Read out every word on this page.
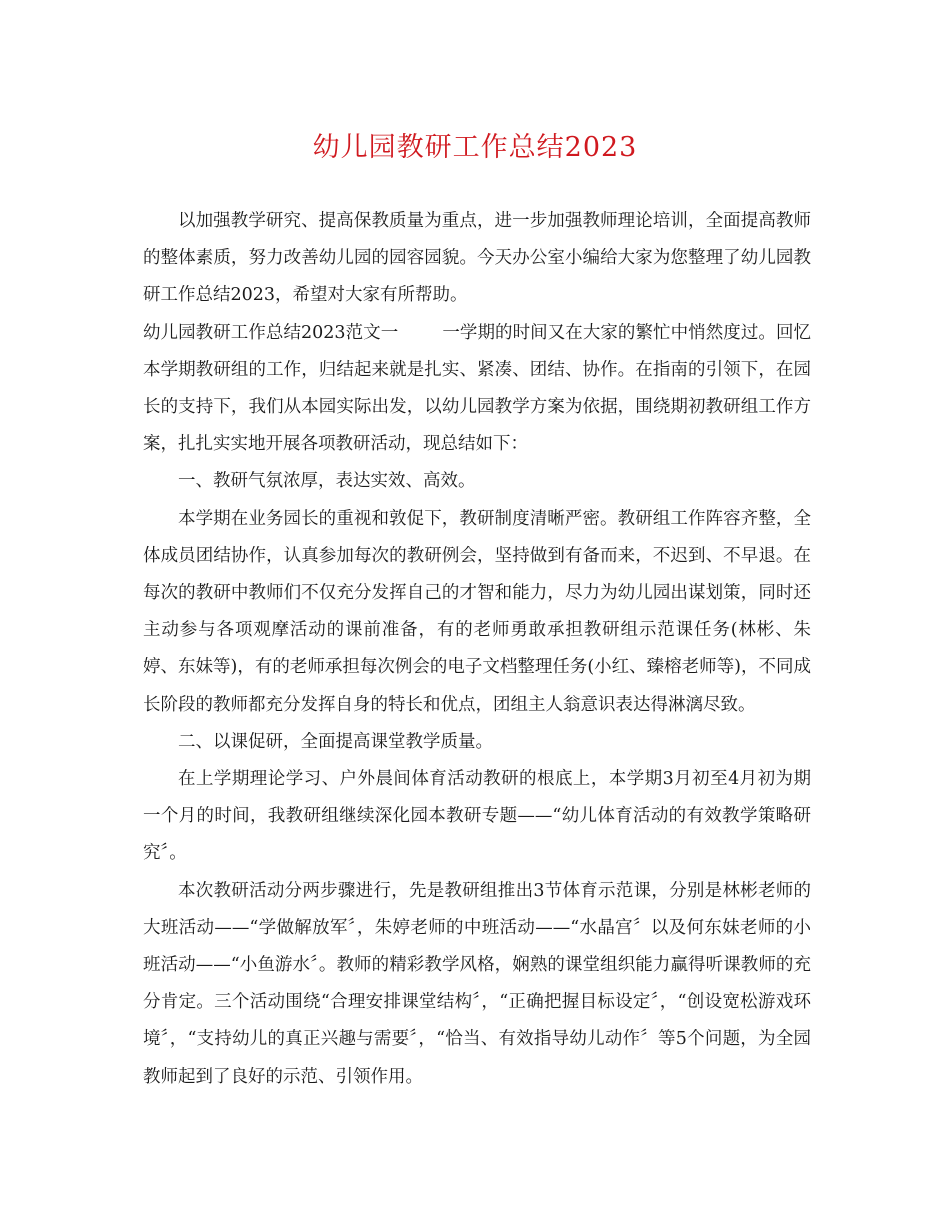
幼儿园教研工作总结2023

以加强教学研究、提高保教质量为重点，进一步加强教师理论培训，全面提高教师的整体素质，努力改善幼儿园的园容园貌。今天办公室小编给大家为您整理了幼儿园教研工作总结2023，希望对大家有所帮助。

幼儿园教研工作总结2023范文一	一学期的时间又在大家的繁忙中悄然度过。回忆本学期教研组的工作，归结起来就是扎实、紧凑、团结、协作。在指南的引领下，在园长的支持下，我们从本园实际出发，以幼儿园教学方案为依据，围绕期初教研组工作方案，扎扎实实地开展各项教研活动，现总结如下：

一、教研气氛浓厚，表达实效、高效。

本学期在业务园长的重视和敦促下，教研制度清晰严密。教研组工作阵容齐整，全体成员团结协作，认真参加每次的教研例会，坚持做到有备而来，不迟到、不早退。在每次的教研中教师们不仅充分发挥自己的才智和能力，尽力为幼儿园出谋划策，同时还主动参与各项观摩活动的课前准备，有的老师勇敢承担教研组示范课任务(林彬、朱婷、东妹等)，有的老师承担每次例会的电子文档整理任务(小红、臻榕老师等)，不同成长阶段的教师都充分发挥自身的特长和优点，团组主人翁意识表达得淋漓尽致。

二、以课促研，全面提高课堂教学质量。

在上学期理论学习、户外晨间体育活动教研的根底上，本学期3月初至4月初为期一个月的时间，我教研组继续深化园本教研专题——“幼儿体育活动的有效教学策略研究〞。

本次教研活动分两步骤进行，先是教研组推出3节体育示范课，分别是林彬老师的大班活动——“学做解放军〞，朱婷老师的中班活动——“水晶宫〞以及何东妹老师的小班活动——“小鱼游水〞。教师的精彩教学风格，娴熟的课堂组织能力赢得听课教师的充分肯定。三个活动围绕“合理安排课堂结构〞，“正确把握目标设定〞，“创设宽松游戏环境〞，“支持幼儿的真正兴趣与需要〞，“恰当、有效指导幼儿动作〞等5个问题，为全园教师起到了良好的示范、引领作用。
